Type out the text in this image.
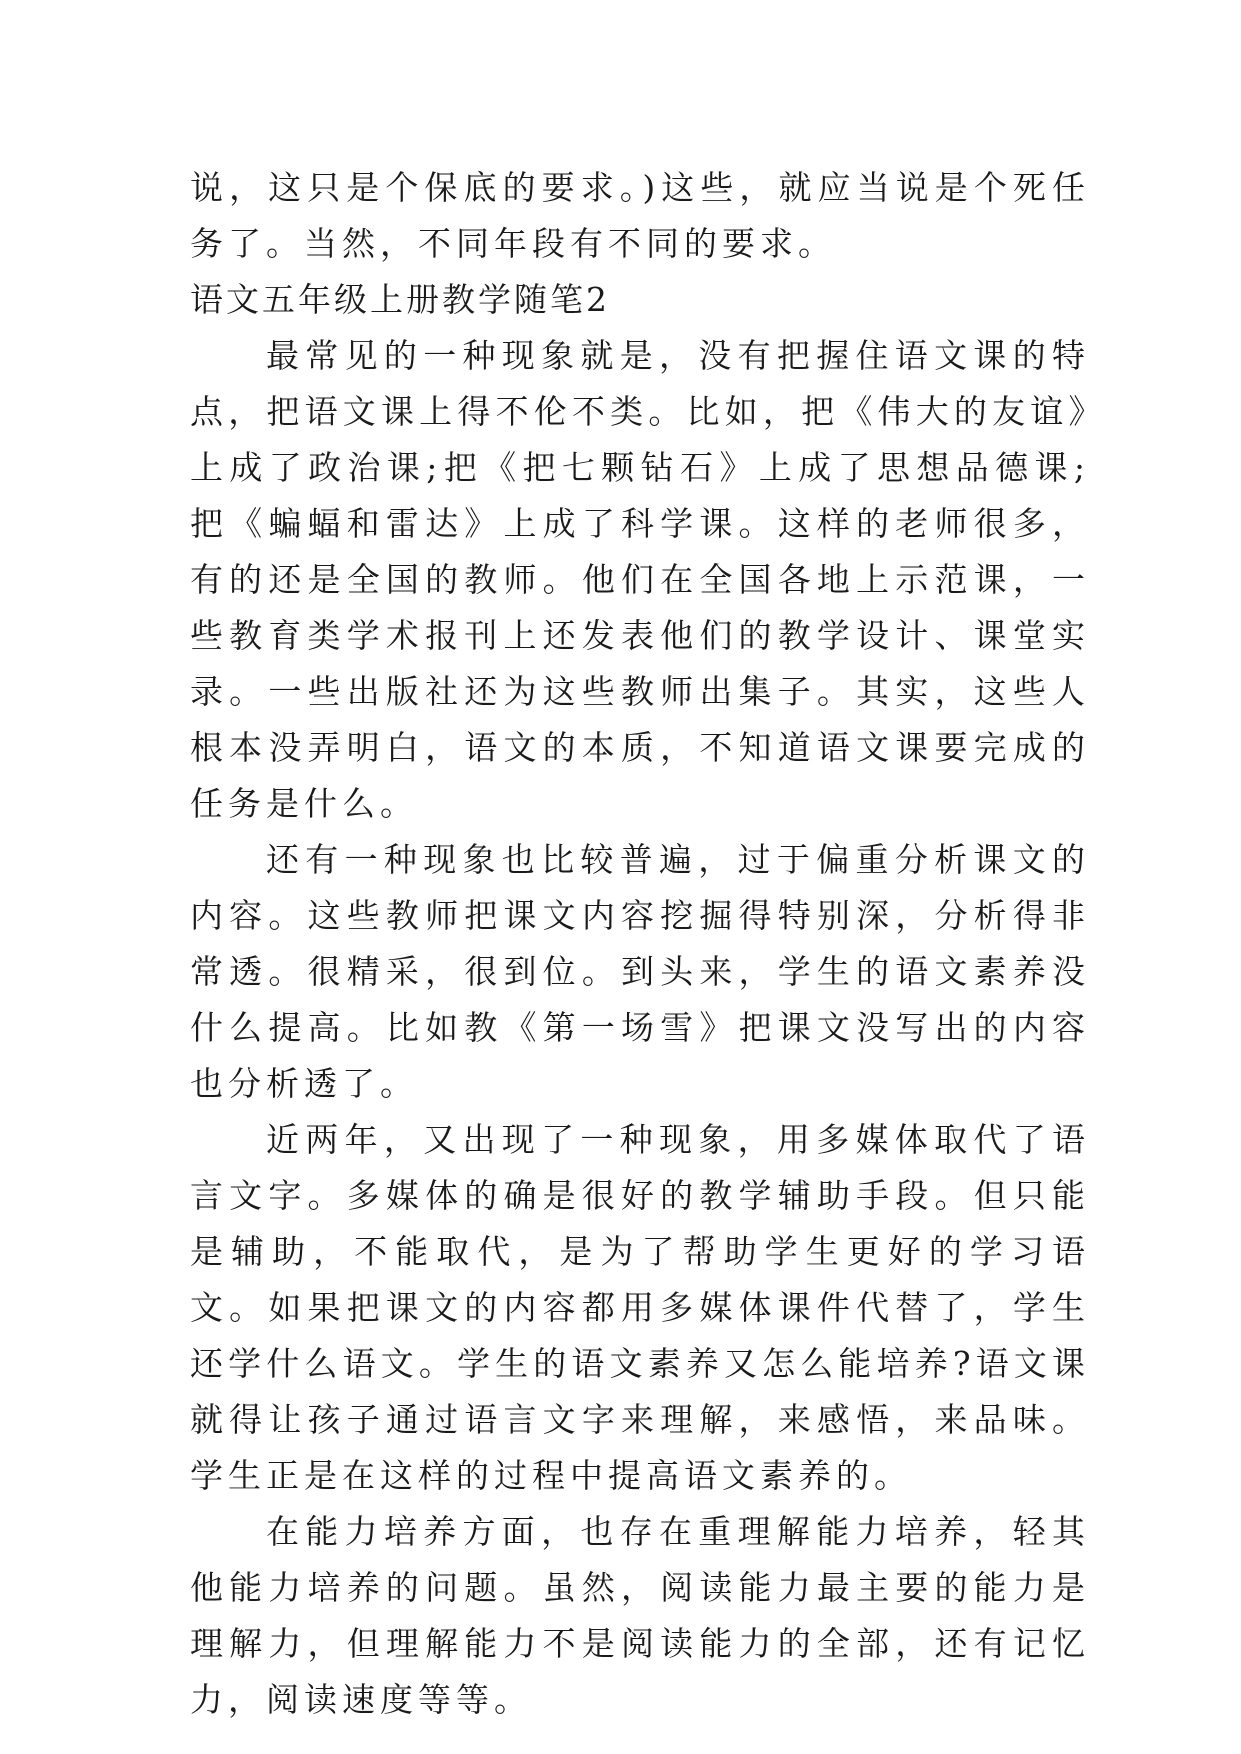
说，这只是个保底的要求。)这些，就应当说是个死任务了。当然，不同年段有不同的要求。

语文五年级上册教学随笔2

最常见的一种现象就是，没有把握住语文课的特点，把语文课上得不伦不类。比如，把《伟大的友谊》上成了政治课;把《把七颗钻石》上成了思想品德课;把《蝙蝠和雷达》上成了科学课。这样的老师很多，有的还是全国的教师。他们在全国各地上示范课，一些教育类学术报刊上还发表他们的教学设计、课堂实录。一些出版社还为这些教师出集子。其实，这些人根本没弄明白，语文的本质，不知道语文课要完成的任务是什么。

还有一种现象也比较普遍，过于偏重分析课文的内容。这些教师把课文内容挖掘得特别深，分析得非常透。很精采，很到位。到头来，学生的语文素养没什么提高。比如教《第一场雪》把课文没写出的内容也分析透了。

近两年，又出现了一种现象，用多媒体取代了语言文字。多媒体的确是很好的教学辅助手段。但只能是辅助，不能取代，是为了帮助学生更好的学习语文。如果把课文的内容都用多媒体课件代替了，学生还学什么语文。学生的语文素养又怎么能培养?语文课就得让孩子通过语言文字来理解，来感悟，来品味。学生正是在这样的过程中提高语文素养的。

在能力培养方面，也存在重理解能力培养，轻其他能力培养的问题。虽然，阅读能力最主要的能力是理解力，但理解能力不是阅读能力的全部，还有记忆力，阅读速度等等。
